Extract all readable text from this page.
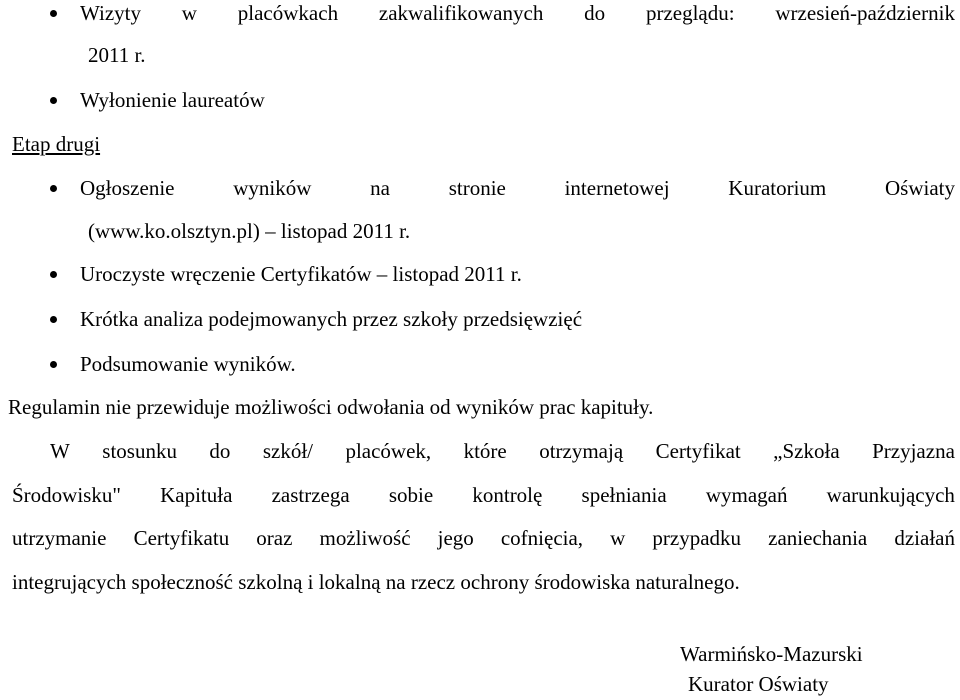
Wizyty w placówkach zakwalifikowanych do przeglądu: wrzesień-październik
2011 r.
Wyłonienie laureatów
Etap drugi
Ogłoszenie	wyników	na	stronie	internetowej	Kuratorium	Oświaty
(www.ko.olsztyn.pl) – listopad 2011 r.
Uroczyste wręczenie Certyfikatów – listopad 2011 r.
Krótka analiza podejmowanych przez szkoły przedsięwzięć
Podsumowanie wyników.
Regulamin nie przewiduje możliwości odwołania od wyników prac kapituły.
W stosunku do szkół/ placówek, które otrzymają Certyfikat „Szkoła Przyjazna
Środowisku" Kapituła zastrzega sobie kontrolę spełniania wymagań warunkujących
utrzymanie Certyfikatu oraz możliwość jego cofnięcia, w przypadku zaniechania działań
integrujących społeczność szkolną i lokalną na rzecz ochrony środowiska naturalnego.
Warmińsko-Mazurski
Kurator Oświaty
